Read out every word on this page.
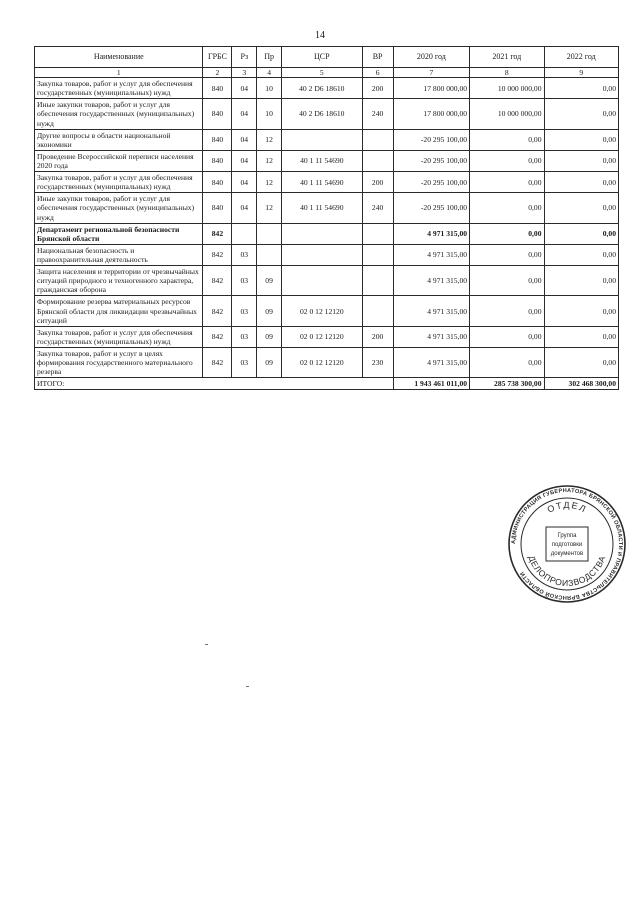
14
Наименование	ГРБС	Рз	Пр	ЦСР	ВР	2020 год	2021 год	2022 год
1	2	3	4	5	6	7	8	9
Закупка товаров, работ и услуг для обеспечения государственных (муниципальных) нужд	840	04	10	40 2 D6 18610	200	17 800 000,00	10 000 000,00	0,00
Иные закупки товаров, работ и услуг для обеспечения государственных (муниципальных) нужд	840	04	10	40 2 D6 18610	240	17 800 000,00	10 000 000,00	0,00
Другие вопросы в области национальной экономики	840	04	12			-20 295 100,00	0,00	0,00
Проведение Всероссийской переписи населения 2020 года	840	04	12	40 1 11 54690		-20 295 100,00	0,00	0,00
Закупка товаров, работ и услуг для обеспечения государственных (муниципальных) нужд	840	04	12	40 1 11 54690	200	-20 295 100,00	0,00	0,00
Иные закупки товаров, работ и услуг для обеспечения государственных (муниципальных) нужд	840	04	12	40 1 11 54690	240	-20 295 100,00	0,00	0,00
Департамент региональной безопасности Брянской области	842					4 971 315,00	0,00	0,00
Национальная безопасность и правоохранительная деятельность	842	03				4 971 315,00	0,00	0,00
Защита населения и территории от чрезвычайных ситуаций природного и техногенного характера, гражданская оборона	842	03	09			4 971 315,00	0,00	0,00
Формирование резерва материальных ресурсов Брянской области для ликвидации чрезвычайных ситуаций	842	03	09	02 0 12 12120		4 971 315,00	0,00	0,00
Закупка товаров, работ и услуг для обеспечения государственных (муниципальных) нужд	842	03	09	02 0 12 12120	200	4 971 315,00	0,00	0,00
Закупка товаров, работ и услуг в целях формирования государственного материального резерва	842	03	09	02 0 12 12120	230	4 971 315,00	0,00	0,00
ИТОГО:						1 943 461 011,00	285 738 300,00	302 468 300,00
АДМИНИСТРАЦИЯ ГУБЕРНАТОРА БРЯНСКОЙ ОБЛАСТИ И ПРАВИТЕЛЬСТВА БРЯНСКОЙ ОБЛАСТИ
ОТДЕЛ
ДЕЛОПРОИЗВОДСТВА
Группа
подготовки
документов
